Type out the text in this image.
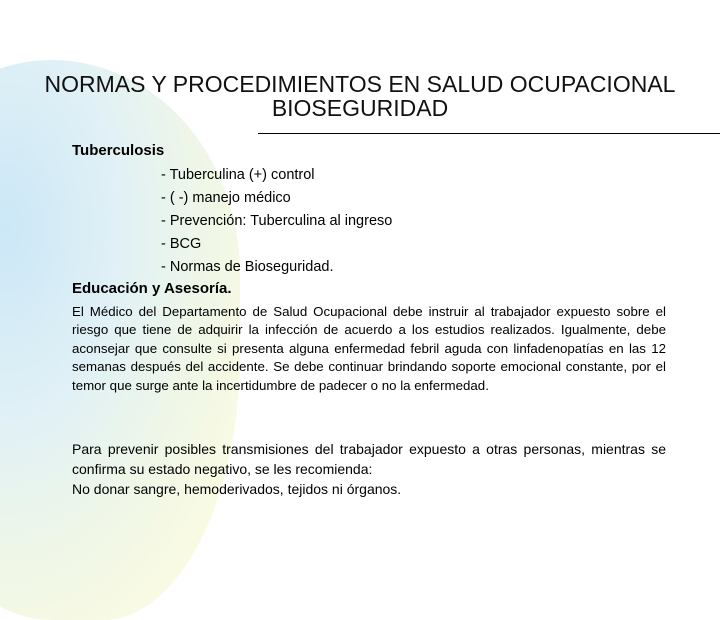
NORMAS Y PROCEDIMIENTOS EN SALUD OCUPACIONAL
BIOSEGURIDAD
Tuberculosis
- Tuberculina (+) control
- ( -) manejo médico
- Prevención: Tuberculina al ingreso
- BCG
- Normas de Bioseguridad.
Educación y Asesoría.
El Médico del Departamento de Salud Ocupacional debe instruir al trabajador expuesto sobre el riesgo que tiene de adquirir la infección de acuerdo a los estudios realizados. Igualmente, debe aconsejar que consulte si presenta alguna enfermedad febril aguda con linfadenopatías en las 12 semanas después del accidente. Se debe continuar brindando soporte emocional constante, por el temor que surge ante la incertidumbre de padecer o no la enfermedad.
Para prevenir posibles transmisiones del trabajador expuesto a otras personas, mientras se confirma su estado negativo, se les recomienda:
No donar sangre, hemoderivados, tejidos ni órganos.
